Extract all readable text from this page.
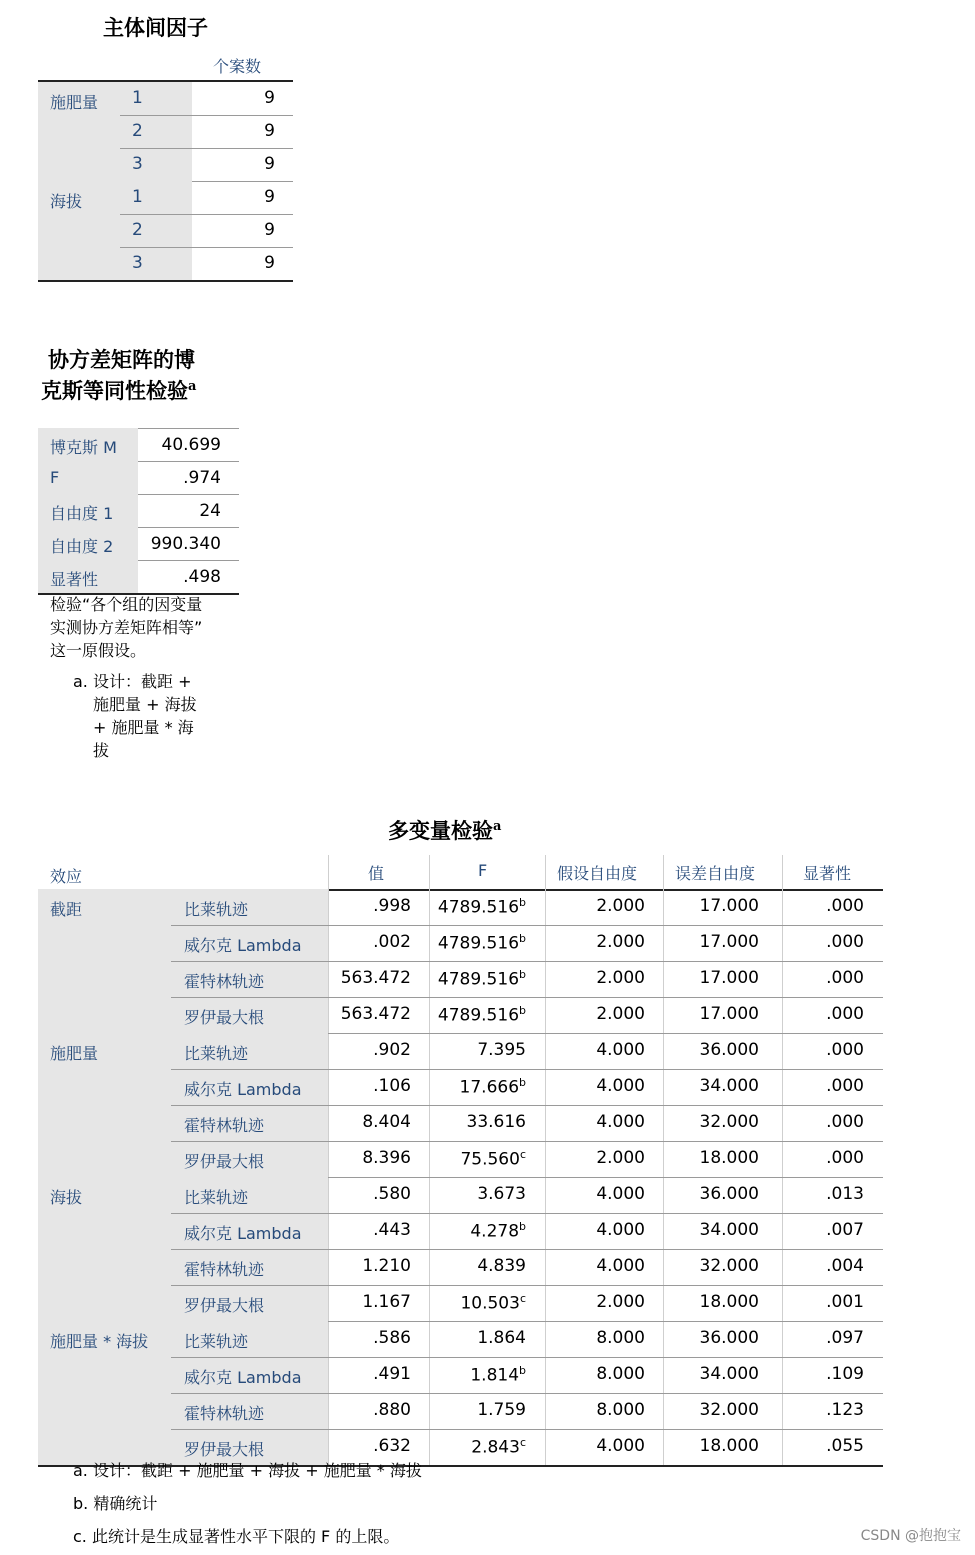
主体间因子
个案数
施肥量 1	9
2	9
3	9
海拔	1	9
2	9
3	9
协方差矩阵的博
克斯等同性检验$^a$
博克斯 M	40.699
F	.974
自由度 1	24
自由度 2 990.340
显著性	.498
检验“各个组的因变量
实测协方差矩阵相等”
这一原假设。
a. 设计：截距 +
施肥量 + 海拔
+ 施肥量 * 海
拔
多变量检验$^a$
效应	值	F	假设自由度 误差自由度	显著性
截距	比莱轨迹	.998 4789.516$^b$	2.000	17.000	.000
威尔克 Lambda	.002 4789.516$^b$	2.000	17.000	.000
霍特林轨迹	563.472 4789.516$^b$	2.000	17.000	.000
罗伊最大根	563.472 4789.516$^b$	2.000	17.000	.000
施肥量	比莱轨迹	.902	7.395	4.000	36.000	.000
威尔克 Lambda	.106	17.666$^b$	4.000	34.000	.000
霍特林轨迹	8.404	33.616	4.000	32.000	.000
罗伊最大根	8.396	75.560$^c$	2.000	18.000	.000
海拔	比莱轨迹	.580	3.673	4.000	36.000	.013
威尔克 Lambda	.443	4.278$^b$	4.000	34.000	.007
霍特林轨迹	1.210	4.839	4.000	32.000	.004
罗伊最大根	1.167	10.503$^c$	2.000	18.000	.001
施肥量 * 海拔 比莱轨迹	.586	1.864	8.000	36.000	.097
威尔克 Lambda	.491	1.814$^b$	8.000	34.000	.109
霍特林轨迹	.880	1.759	8.000	32.000	.123
罗伊最大根	.632	2.843$^c$	4.000	18.000	.055
a. 设计：截距 + 施肥量 + 海拔 + 施肥量 * 海拔
b. 精确统计
c. 此统计是生成显著性水平下限的 F 的上限。	CSDN @抱抱宝
